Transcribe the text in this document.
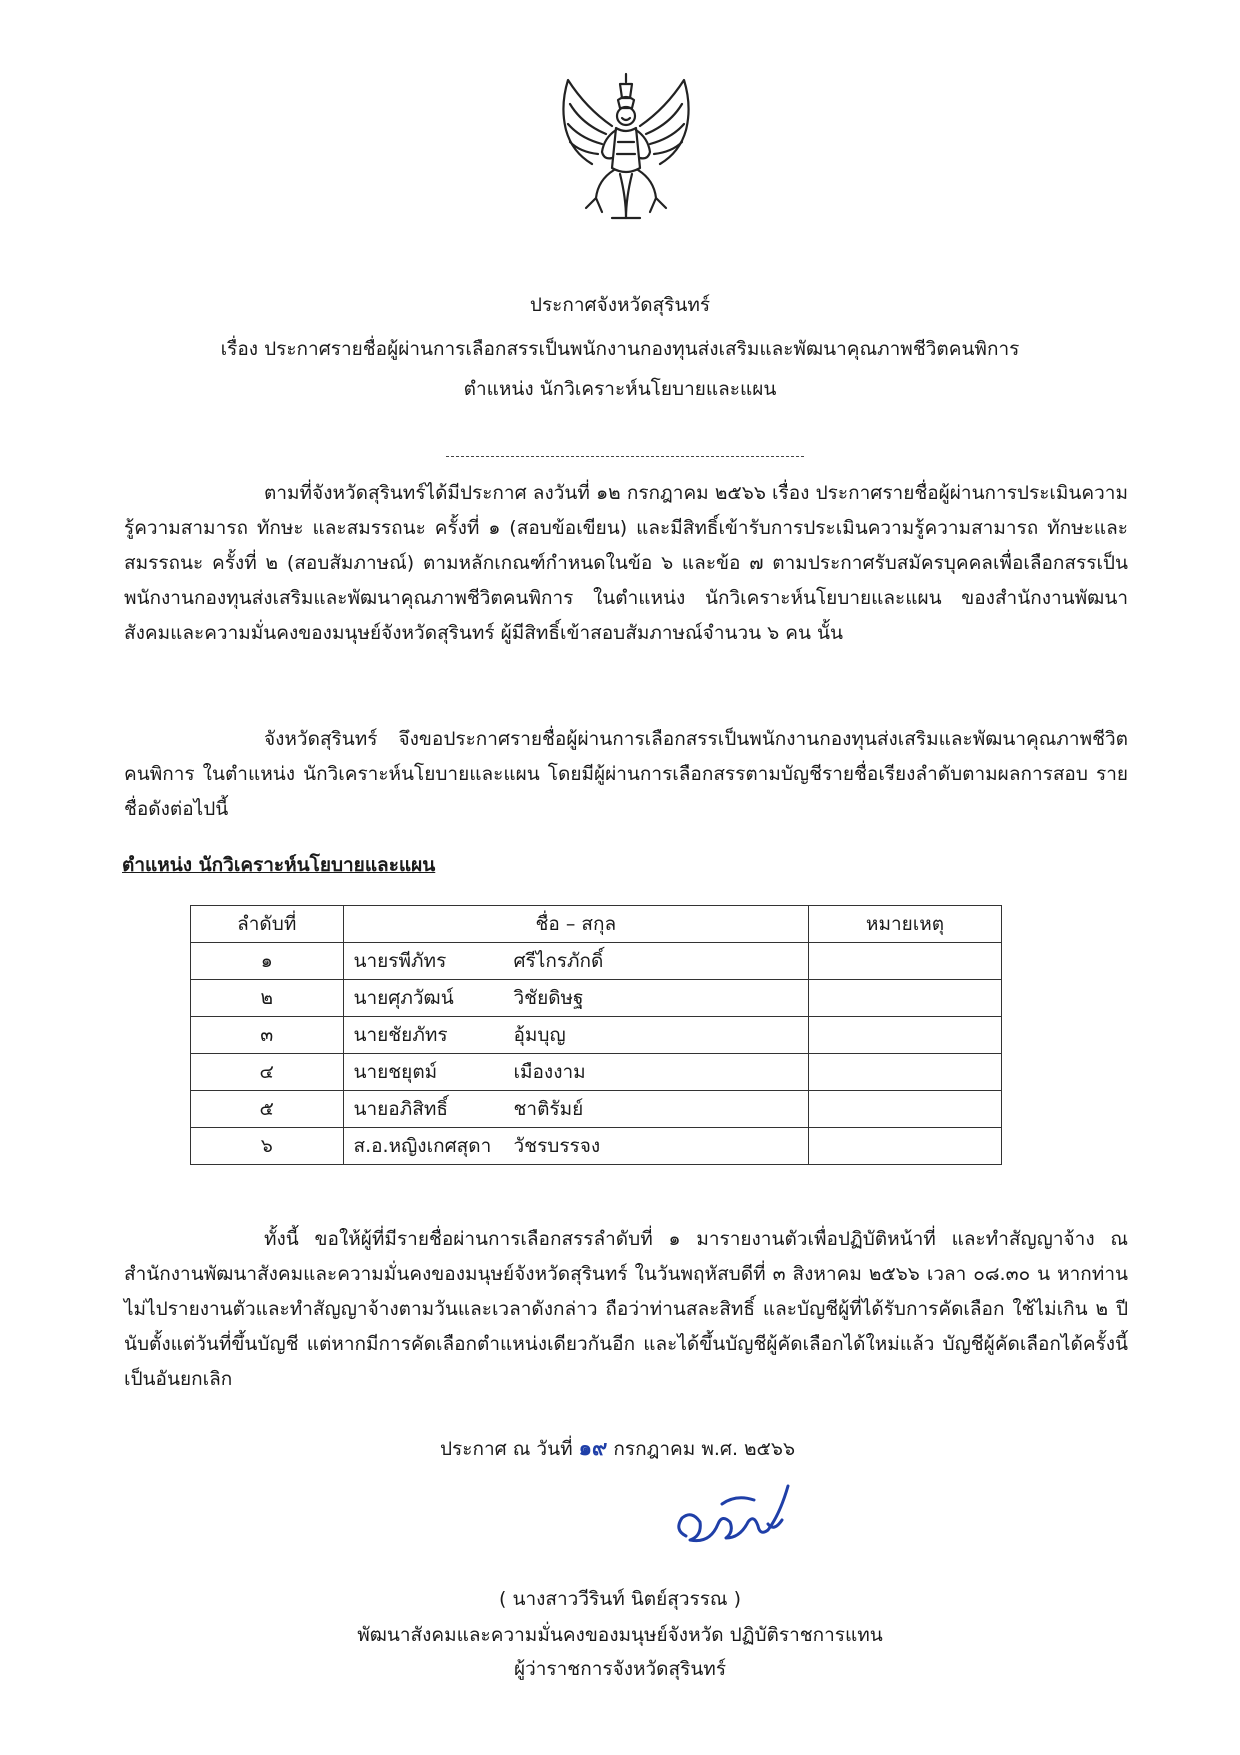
ประกาศจังหวัดสุรินทร์
เรื่อง ประกาศรายชื่อผู้ผ่านการเลือกสรรเป็นพนักงานกองทุนส่งเสริมและพัฒนาคุณภาพชีวิตคนพิการ
ตำแหน่ง นักวิเคราะห์นโยบายและแผน

ตามที่จังหวัดสุรินทร์ได้มีประกาศ ลงวันที่ ๑๒ กรกฎาคม ๒๕๖๖ เรื่อง ประกาศรายชื่อผู้ผ่านการประเมินความรู้ความสามารถ ทักษะ และสมรรถนะ ครั้งที่ ๑ (สอบข้อเขียน) และมีสิทธิ์เข้ารับการประเมินความรู้ความสามารถ ทักษะและสมรรถนะ ครั้งที่ ๒ (สอบสัมภาษณ์) ตามหลักเกณฑ์กำหนดในข้อ ๖ และข้อ ๗ ตามประกาศรับสมัครบุคคลเพื่อเลือกสรรเป็นพนักงานกองทุนส่งเสริมและพัฒนาคุณภาพชีวิตคนพิการ ในตำแหน่ง นักวิเคราะห์นโยบายและแผน ของสำนักงานพัฒนาสังคมและความมั่นคงของมนุษย์จังหวัดสุรินทร์ ผู้มีสิทธิ์เข้าสอบสัมภาษณ์จำนวน ๖ คน นั้น

จังหวัดสุรินทร์ จึงขอประกาศรายชื่อผู้ผ่านการเลือกสรรเป็นพนักงานกองทุนส่งเสริมและพัฒนาคุณภาพชีวิตคนพิการ ในตำแหน่ง นักวิเคราะห์นโยบายและแผน โดยมีผู้ผ่านการเลือกสรรตามบัญชีรายชื่อเรียงลำดับตามผลการสอบ รายชื่อดังต่อไปนี้

ตำแหน่ง นักวิเคราะห์นโยบายและแผน

ลำดับที่	ชื่อ – สกุล	หมายเหตุ
๑	นายรพีภัทร ศรีไกรภักดิ์	
๒	นายศุภวัฒน์ วิชัยดิษฐ	
๓	นายชัยภัทร อุ้มบุญ	
๔	นายชยุตม์ เมืองงาม	
๕	นายอภิสิทธิ์ ชาติรัมย์	
๖	ส.อ.หญิงเกศสุดา วัชรบรรจง	

ทั้งนี้ ขอให้ผู้ที่มีรายชื่อผ่านการเลือกสรรลำดับที่ ๑ มารายงานตัวเพื่อปฏิบัติหน้าที่ และทำสัญญาจ้าง ณ สำนักงานพัฒนาสังคมและความมั่นคงของมนุษย์จังหวัดสุรินทร์ ในวันพฤหัสบดีที่ ๓ สิงหาคม ๒๕๖๖ เวลา ๐๘.๓๐ น หากท่านไม่ไปรายงานตัวและทำสัญญาจ้างตามวันและเวลาดังกล่าว ถือว่าท่านสละสิทธิ์ และบัญชีผู้ที่ได้รับการคัดเลือก ใช้ไม่เกิน ๒ ปี นับตั้งแต่วันที่ขึ้นบัญชี แต่หากมีการคัดเลือกตำแหน่งเดียวกันอีก และได้ขึ้นบัญชีผู้คัดเลือกได้ใหม่แล้ว บัญชีผู้คัดเลือกได้ครั้งนี้เป็นอันยกเลิก

ประกาศ ณ วันที่ ๑๙ กรกฎาคม พ.ศ. ๒๕๖๖
( นางสาววีรินท์ นิตย์สุวรรณ )
พัฒนาสังคมและความมั่นคงของมนุษย์จังหวัด ปฏิบัติราชการแทน
ผู้ว่าราชการจังหวัดสุรินทร์
